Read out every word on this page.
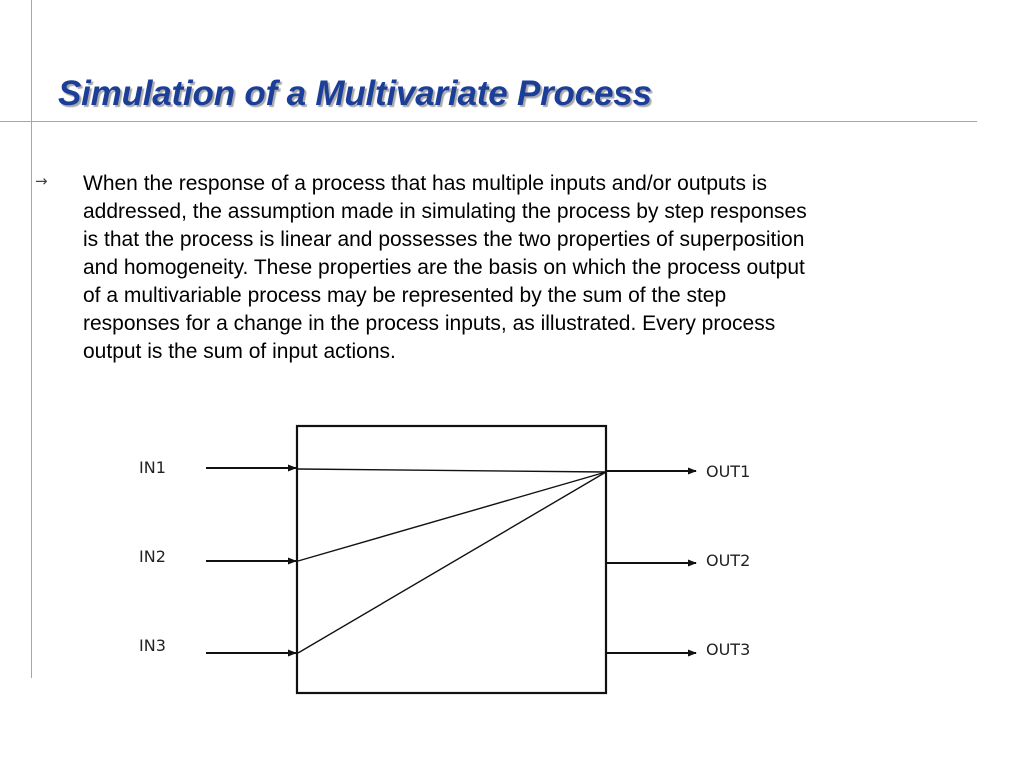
Simulation of a Multivariate Process
→ When the response of a process that has multiple inputs and/or outputs is
addressed, the assumption made in simulating the process by step responses
is that the process is linear and possesses the two properties of superposition
and homogeneity. These properties are the basis on which the process output
of a multivariable process may be represented by the sum of the step
responses for a change in the process inputs, as illustrated. Every process
output is the sum of input actions.

IN1
IN2
IN3
OUT1
OUT2
OUT3
